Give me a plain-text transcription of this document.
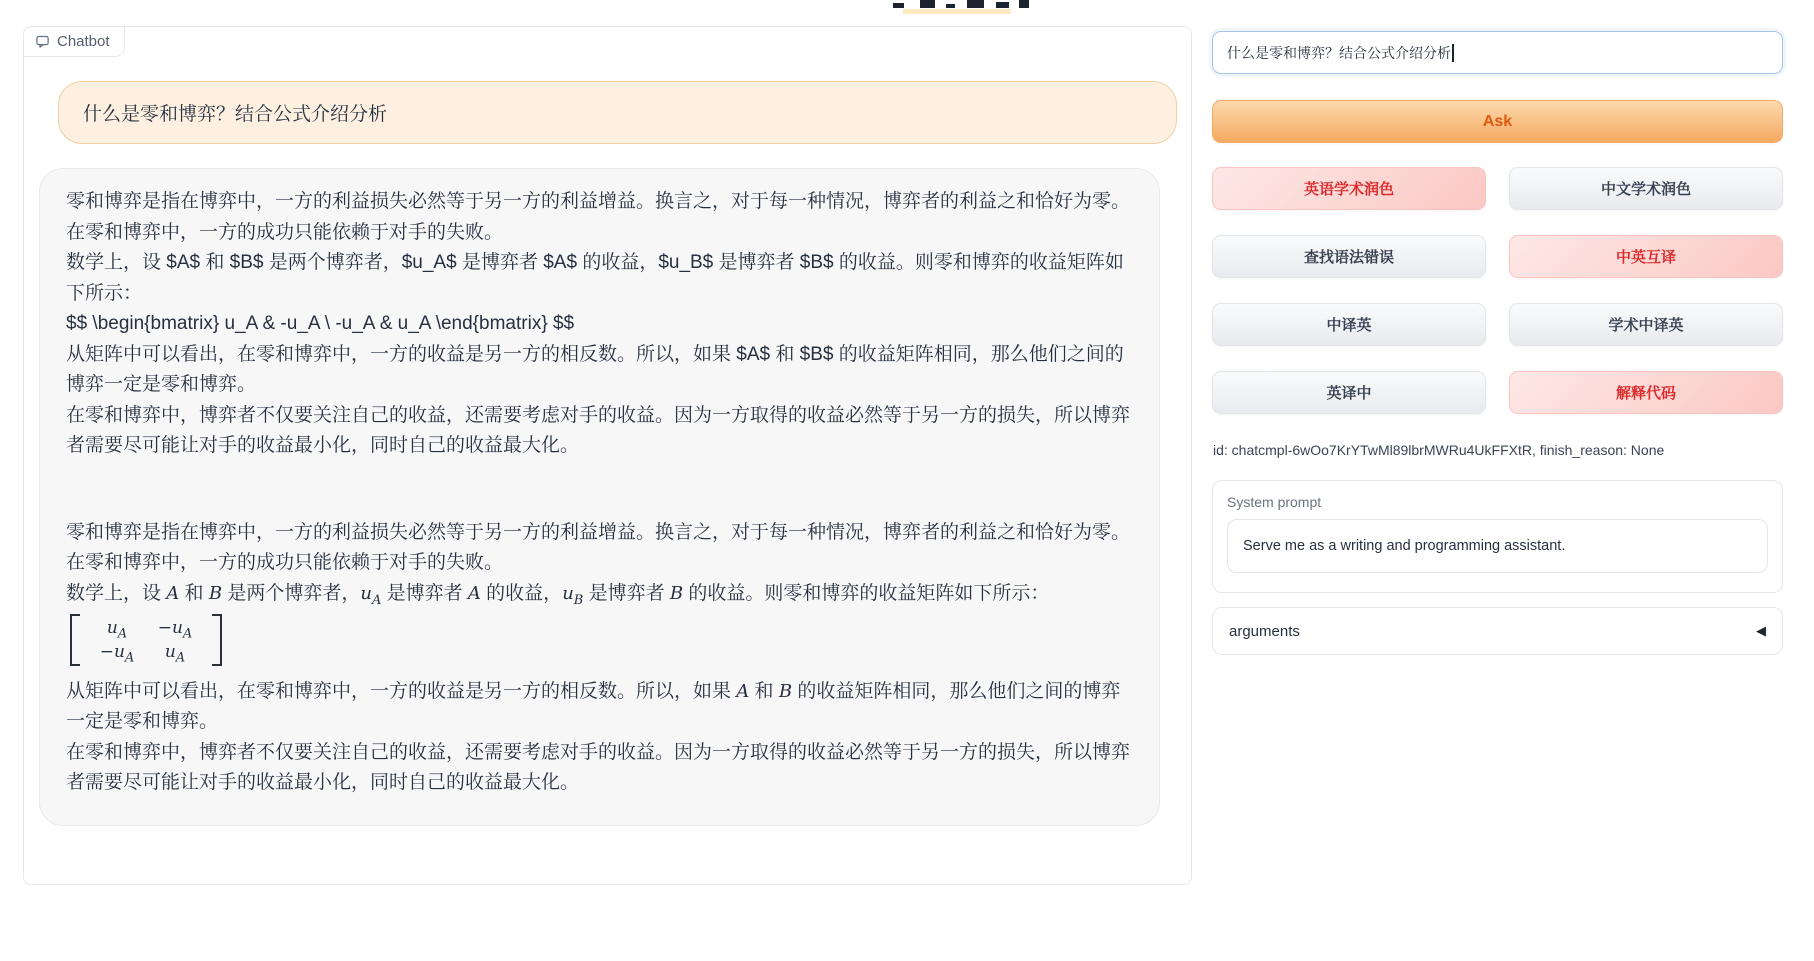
Chatbot
什么是零和博弈？结合公式介绍分析

零和博弈是指在博弈中，一方的利益损失必然等于另一方的利益增益。换言之，对于每一种情况，博弈者的利益之和恰好为零。在零和博弈中，一方的成功只能依赖于对手的失败。

数学上，设 $A$ 和 $B$ 是两个博弈者，$u_A$ 是博弈者 $A$ 的收益，$u_B$ 是博弈者 $B$ 的收益。则零和博弈的收益矩阵如下所示：

$$ \begin{bmatrix} u_A & -u_A \ -u_A & u_A \end{bmatrix} $$

从矩阵中可以看出，在零和博弈中，一方的收益是另一方的相反数。所以，如果 $A$ 和 $B$ 的收益矩阵相同，那么他们之间的博弈一定是零和博弈。

在零和博弈中，博弈者不仅要关注自己的收益，还需要考虑对手的收益。因为一方取得的收益必然等于另一方的损失，所以博弈者需要尽可能让对手的收益最小化，同时自己的收益最大化。

零和博弈是指在博弈中，一方的利益损失必然等于另一方的利益增益。换言之，对于每一种情况，博弈者的利益之和恰好为零。在零和博弈中，一方的成功只能依赖于对手的失败。

数学上，设 A 和 B 是两个博弈者，$u_A$ 是博弈者 A 的收益，$u_B$ 是博弈者 B 的收益。则零和博弈的收益矩阵如下所示：

$u_A$	$-u_A$
$-u_A$	$u_A$

从矩阵中可以看出，在零和博弈中，一方的收益是另一方的相反数。所以，如果 A 和 B 的收益矩阵相同，那么他们之间的博弈一定是零和博弈。

在零和博弈中，博弈者不仅要关注自己的收益，还需要考虑对手的收益。因为一方取得的收益必然等于另一方的损失，所以博弈者需要尽可能让对手的收益最小化，同时自己的收益最大化。

什么是零和博弈？结合公式介绍分析
Ask
英语学术润色	中文学术润色
查找语法错误	中英互译
中译英	学术中译英
英译中	解释代码
id: chatcmpl-6wOo7KrYTwMl89lbrMWRu4UkFFXtR, finish_reason: None
System prompt
Serve me as a writing and programming assistant.
arguments	◀
